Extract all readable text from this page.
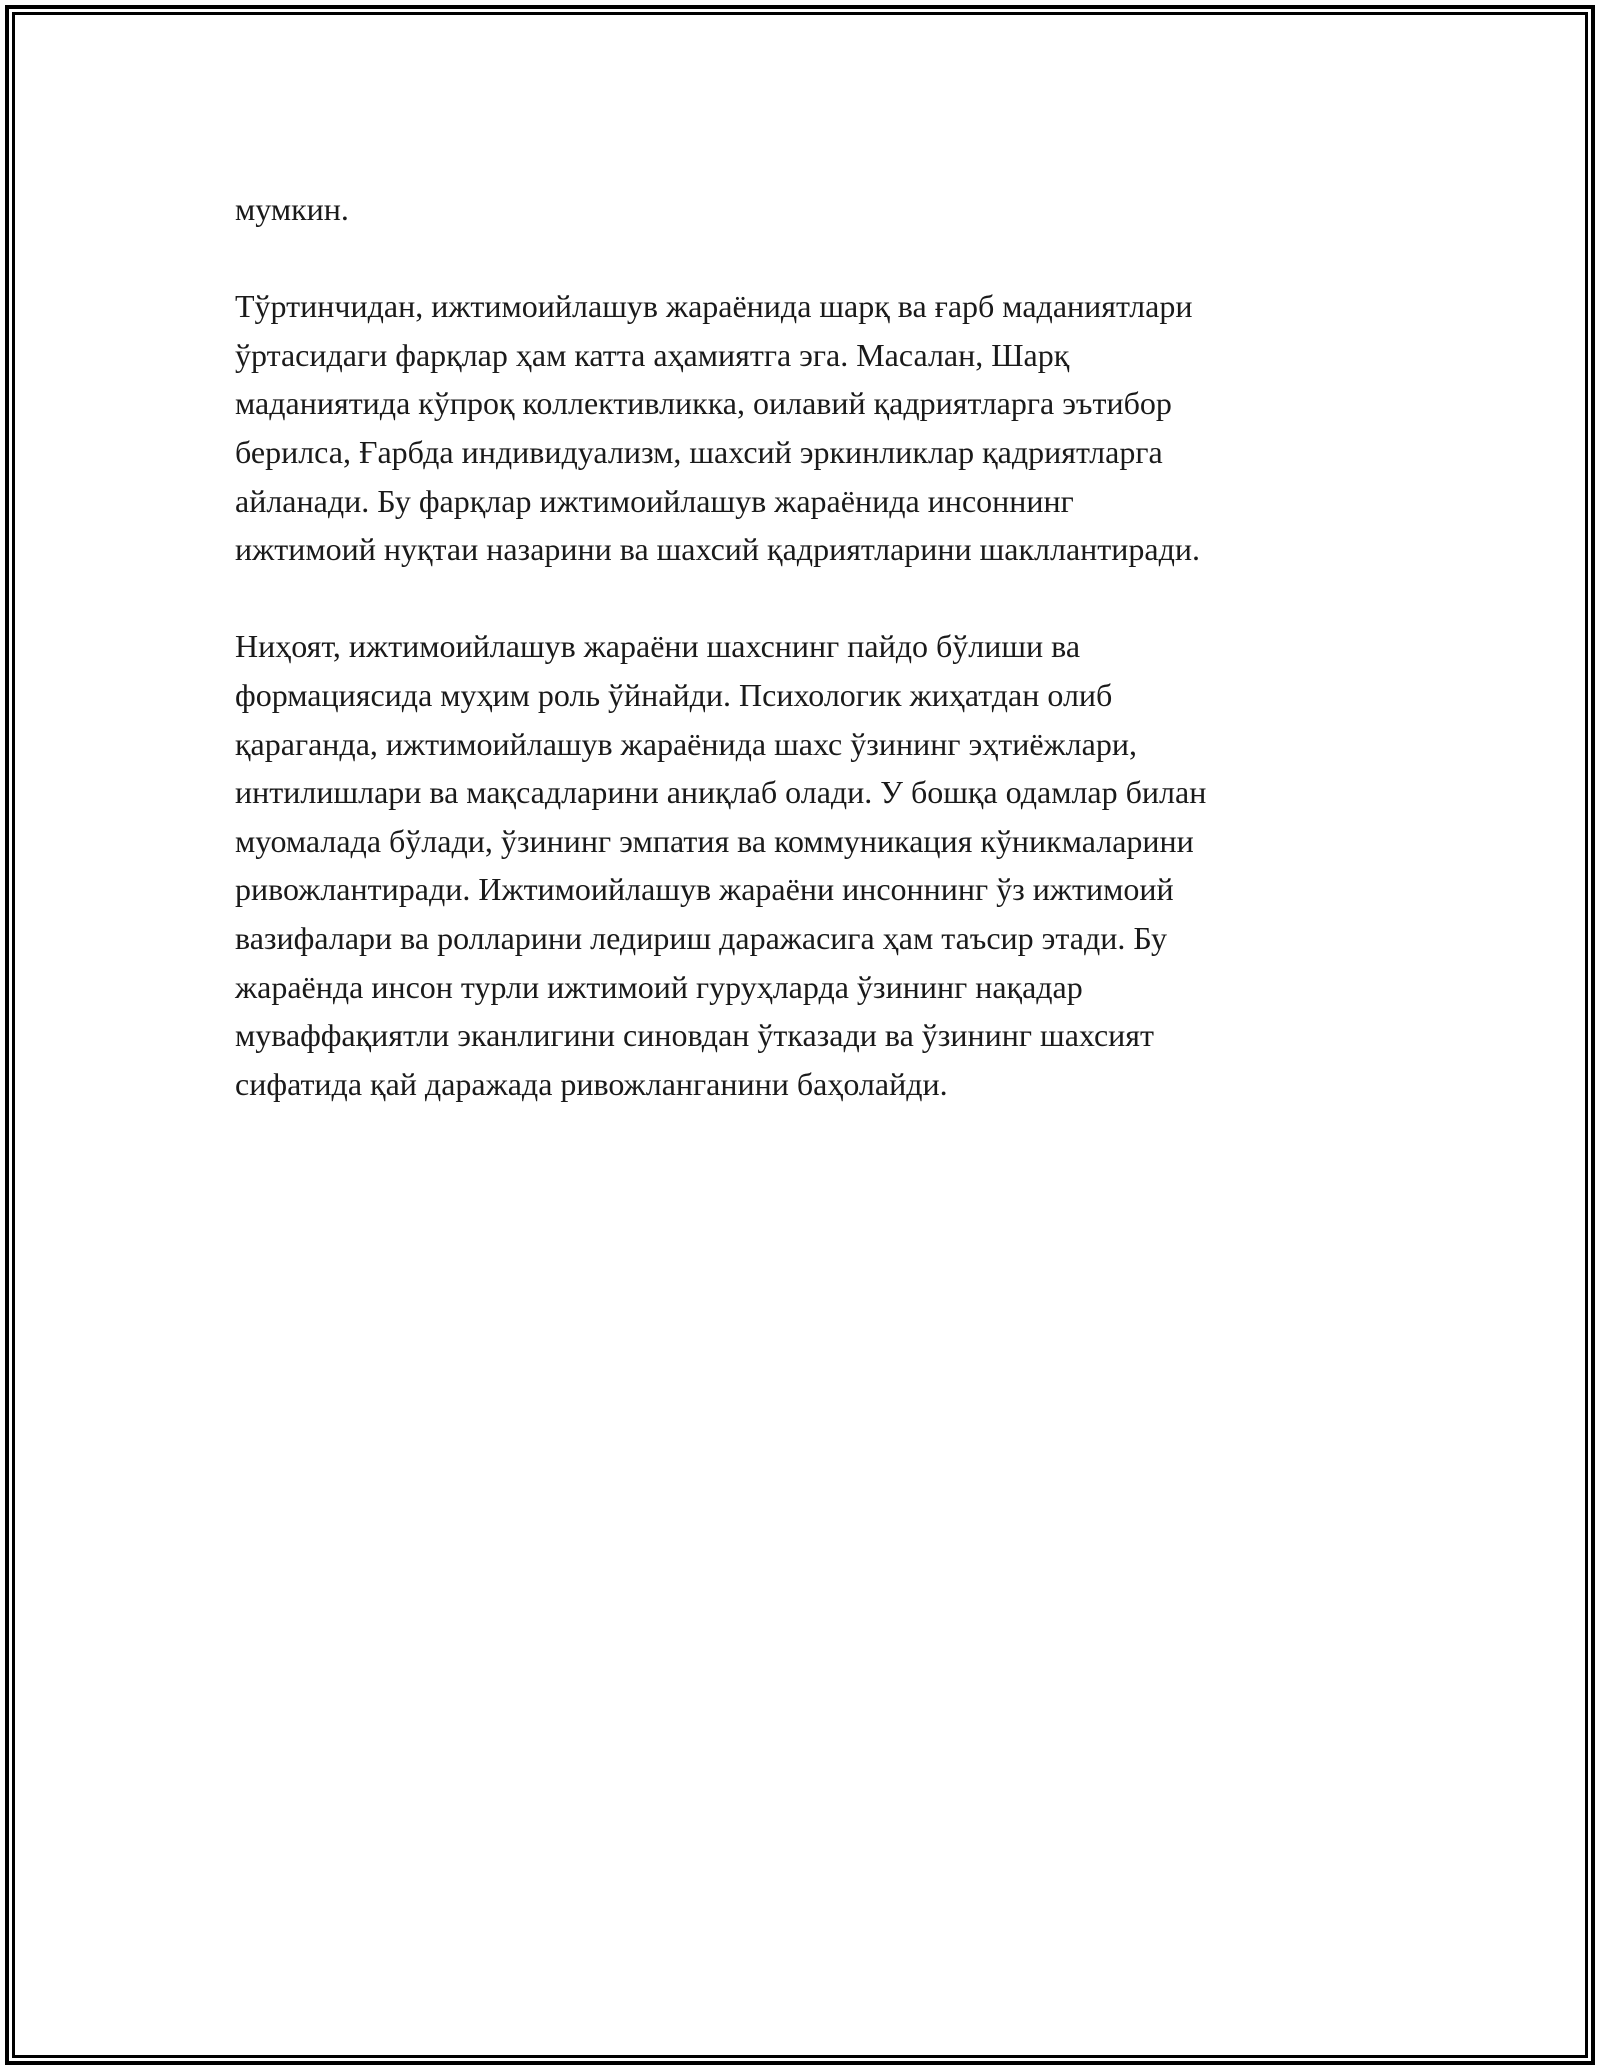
мумкин.
Тўртинчидан, ижтимоийлашув жараёнида шарқ ва ғарб маданиятлари
ўртасидаги фарқлар ҳам катта аҳамиятга эга. Масалан, Шарқ
маданиятида кўпроқ коллективликка, оилавий қадриятларга эътибор
берилса, Ғарбда индивидуализм, шахсий эркинликлар қадриятларга
айланади. Бу фарқлар ижтимоийлашув жараёнида инсоннинг
ижтимоий нуқтаи назарини ва шахсий қадриятларини шакллантиради.
Ниҳоят, ижтимоийлашув жараёни шахснинг пайдо бўлиши ва
формациясида муҳим роль ўйнайди. Психологик жиҳатдан олиб
қараганда, ижтимоийлашув жараёнида шахс ўзининг эҳтиёжлари,
интилишлари ва мақсадларини аниқлаб олади. У бошқа одамлар билан
муомалада бўлади, ўзининг эмпатия ва коммуникация кўникмаларини
ривожлантиради. Ижтимоийлашув жараёни инсоннинг ўз ижтимоий
вазифалари ва ролларини ледириш даражасига ҳам таъсир этади. Бу
жараёнда инсон турли ижтимоий гуруҳларда ўзининг нақадар
муваффақиятли эканлигини синовдан ўтказади ва ўзининг шахсият
сифатида қай даражада ривожланганини баҳолайди.
